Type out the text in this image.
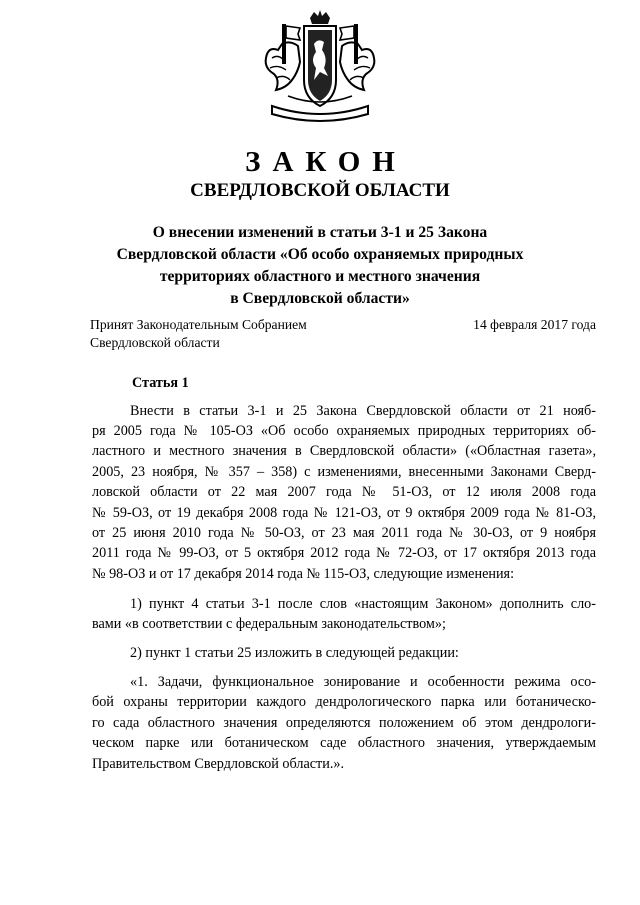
ЗАКОН
СВЕРДЛОВСКОЙ ОБЛАСТИ
О внесении изменений в статьи 3-1 и 25 Закона
Свердловской области «Об особо охраняемых природных
территориях областного и местного значения
в Свердловской области»
Принят Законодательным Собранием
Свердловской области
14 февраля 2017 года
Статья 1
Внести в статьи 3-1 и 25 Закона Свердловской области от 21 нояб-
ря 2005 года № 105-ОЗ «Об особо охраняемых природных территориях об-
ластного и местного значения в Свердловской области» («Областная газета»,
2005, 23 ноября, № 357 – 358) с изменениями, внесенными Законами Сверд-
ловской области от 22 мая 2007 года № 51-ОЗ, от 12 июля 2008 года
№ 59-ОЗ, от 19 декабря 2008 года № 121-ОЗ, от 9 октября 2009 года № 81-ОЗ,
от 25 июня 2010 года № 50-ОЗ, от 23 мая 2011 года № 30-ОЗ, от 9 ноября
2011 года № 99-ОЗ, от 5 октября 2012 года № 72-ОЗ, от 17 октября 2013 года
№ 98-ОЗ и от 17 декабря 2014 года № 115-ОЗ, следующие изменения:
1) пункт 4 статьи 3-1 после слов «настоящим Законом» дополнить сло-
вами «в соответствии с федеральным законодательством»;
2) пункт 1 статьи 25 изложить в следующей редакции:
«1. Задачи, функциональное зонирование и особенности режима осо-
бой охраны территории каждого дендрологического парка или ботаническо-
го сада областного значения определяются положением об этом дендрологи-
ческом парке или ботаническом саде областного значения, утверждаемым
Правительством Свердловской области.».
